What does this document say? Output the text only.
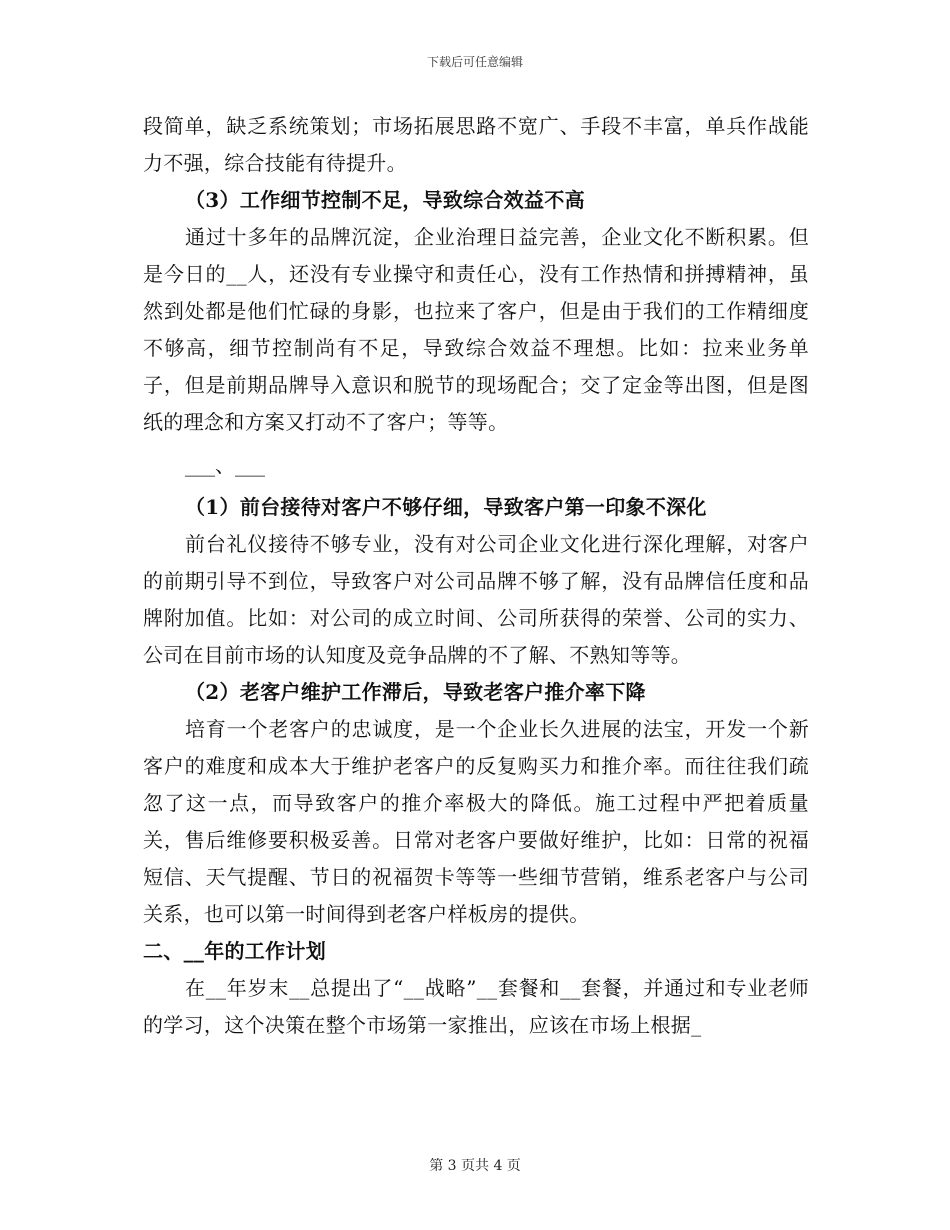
下载后可任意编辑

段简单，缺乏系统策划；市场拓展思路不宽广、手段不丰富，单兵作战能力不强，综合技能有待提升。

（3）工作细节控制不足，导致综合效益不高

通过十多年的品牌沉淀，企业治理日益完善，企业文化不断积累。但是今日的__人，还没有专业操守和责任心，没有工作热情和拼搏精神，虽然到处都是他们忙碌的身影，也拉来了客户，但是由于我们的工作精细度不够高，细节控制尚有不足，导致综合效益不理想。比如：拉来业务单子，但是前期品牌导入意识和脱节的现场配合；交了定金等出图，但是图纸的理念和方案又打动不了客户；等等。

___、___

（1）前台接待对客户不够仔细，导致客户第一印象不深化

前台礼仪接待不够专业，没有对公司企业文化进行深化理解，对客户的前期引导不到位，导致客户对公司品牌不够了解，没有品牌信任度和品牌附加值。比如：对公司的成立时间、公司所获得的荣誉、公司的实力、公司在目前市场的认知度及竞争品牌的不了解、不熟知等等。

（2）老客户维护工作滞后，导致老客户推介率下降

培育一个老客户的忠诚度，是一个企业长久进展的法宝，开发一个新客户的难度和成本大于维护老客户的反复购买力和推介率。而往往我们疏忽了这一点，而导致客户的推介率极大的降低。施工过程中严把着质量关，售后维修要积极妥善。日常对老客户要做好维护，比如：日常的祝福短信、天气提醒、节日的祝福贺卡等等一些细节营销，维系老客户与公司关系，也可以第一时间得到老客户样板房的提供。

二、__年的工作计划

在__年岁末__总提出了“__战略”__套餐和__套餐，并通过和专业老师的学习，这个决策在整个市场第一家推出，应该在市场上根据_

第 3 页共 4 页
